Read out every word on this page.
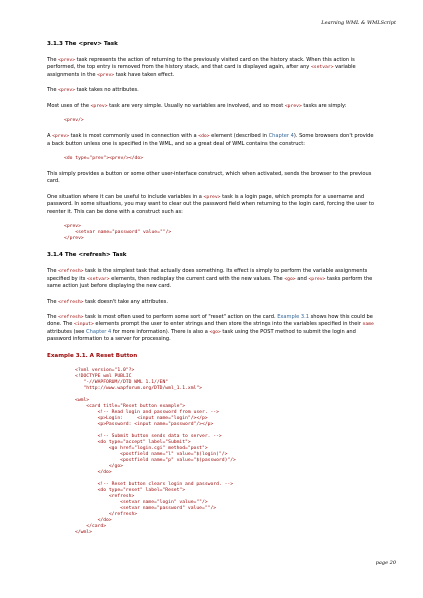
Learning WML & WMLScript
3.1.3 The <prev> Task

The <prev> task represents the action of returning to the previously visited card on the history stack. When this action is performed, the top entry is removed from the history stack, and that card is displayed again, after any <setvar> variable assignments in the <prev> task have taken effect.

The <prev> task takes no attributes.

Most uses of the <prev> task are very simple. Usually no variables are involved, and so most <prev> tasks are simply:

<prev/>

A <prev> task is most commonly used in connection with a <do> element (described in Chapter 4). Some browsers don't provide a back button unless one is specified in the WML, and so a great deal of WML contains the construct:

<do type="prev"><prev/></do>

This simply provides a button or some other user-interface construct, which when activated, sends the browser to the previous card.

One situation where it can be useful to include variables in a <prev> task is a login page, which prompts for a username and password. In some situations, you may want to clear out the password field when returning to the login card, forcing the user to reenter it. This can be done with a construct such as:

<prev>
<setvar name="password" value=""/>
</prev>
3.1.4 The <refresh> Task

The <refresh> task is the simplest task that actually does something. Its effect is simply to perform the variable assignments specified by its <setvar> elements, then redisplay the current card with the new values. The <go> and <prev> tasks perform the same action just before displaying the new card.

The <refresh> task doesn't take any attributes.

The <refresh> task is most often used to perform some sort of "reset" action on the card. Example 3.1 shows how this could be done. The <input> elements prompt the user to enter strings and then store the strings into the variables specified in their name attributes (see Chapter 4 for more information). There is also a <go> task using the POST method to submit the login and password information to a server for processing.

Example 3.1. A Reset Button
<?xml version="1.0"?>
<!DOCTYPE wml PUBLIC
"-//WAPFORUM//DTD WML 1.1//EN"
"http://www.wapforum.org/DTD/wml_1.1.xml">

<wml>
<card title="Reset button example">
<!-- Read login and password from user. -->
<p>Login:     <input name="login"/></p>
<p>Password: <input name="password"/></p>

<!-- Submit button sends data to server. -->
<do type="accept" label="Submit">
<go href="login.cgi" method="post">
<postfield name="l" value="$(login)"/>
<postfield name="p" value="$(password)"/>
</go>
</do>

<!-- Reset button clears login and password. -->
<do type="reset" label="Reset">
<refresh>
<setvar name="login" value=""/>
<setvar name="password" value=""/>
</refresh>
</do>
</card>
</wml>
page 20
